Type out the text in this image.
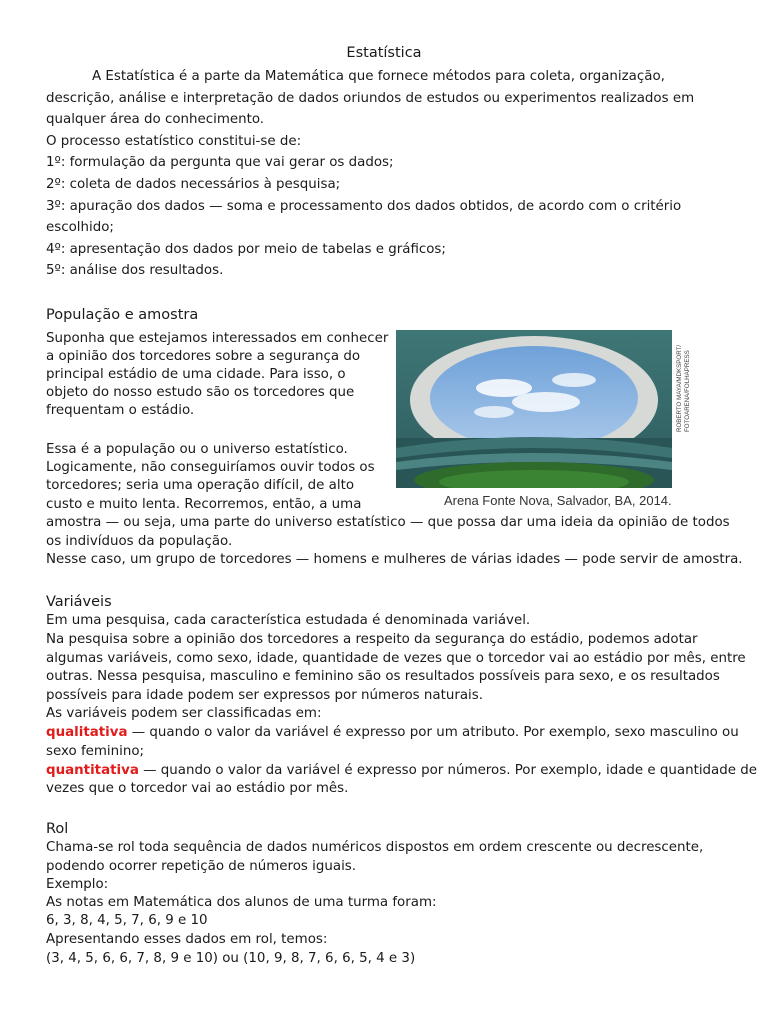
Estatística
A Estatística é a parte da Matemática que fornece métodos para coleta, organização,
descrição, análise e interpretação de dados oriundos de estudos ou experimentos realizados em
qualquer área do conhecimento.
O processo estatístico constitui-se de:
1º: formulação da pergunta que vai gerar os dados;
2º: coleta de dados necessários à pesquisa;
3º: apuração dos dados — soma e processamento dos dados obtidos, de acordo com o critério
escolhido;
4º: apresentação dos dados por meio de tabelas e gráficos;
5º: análise dos resultados.
População e amostra
Suponha que estejamos interessados em conhecer
a opinião dos torcedores sobre a segurança do
principal estádio de uma cidade. Para isso, o
objeto do nosso estudo são os torcedores que
frequentam o estádio.
Essa é a população ou o universo estatístico.
Logicamente, não conseguiríamos ouvir todos os
torcedores; seria uma operação difícil, de alto
custo e muito lenta. Recorremos, então, a uma
amostra — ou seja, uma parte do universo estatístico — que possa dar uma ideia da opinião de todos
os indivíduos da população.
Nesse caso, um grupo de torcedores — homens e mulheres de várias idades — pode servir de amostra.
ROBERTO MAYA/MDKSPORT/ FOTOARENA/FOLHAPRESS
Arena Fonte Nova, Salvador, BA, 2014.
Variáveis
Em uma pesquisa, cada característica estudada é denominada variável.
Na pesquisa sobre a opinião dos torcedores a respeito da segurança do estádio, podemos adotar
algumas variáveis, como sexo, idade, quantidade de vezes que o torcedor vai ao estádio por mês, entre
outras. Nessa pesquisa, masculino e feminino são os resultados possíveis para sexo, e os resultados
possíveis para idade podem ser expressos por números naturais.
As variáveis podem ser classificadas em:
qualitativa — quando o valor da variável é expresso por um atributo. Por exemplo, sexo masculino ou
sexo feminino;
quantitativa — quando o valor da variável é expresso por números. Por exemplo, idade e quantidade de
vezes que o torcedor vai ao estádio por mês.
Rol
Chama-se rol toda sequência de dados numéricos dispostos em ordem crescente ou decrescente,
podendo ocorrer repetição de números iguais.
Exemplo:
As notas em Matemática dos alunos de uma turma foram:
6, 3, 8, 4, 5, 7, 6, 9 e 10
Apresentando esses dados em rol, temos:
(3, 4, 5, 6, 6, 7, 8, 9 e 10) ou (10, 9, 8, 7, 6, 6, 5, 4 e 3)
